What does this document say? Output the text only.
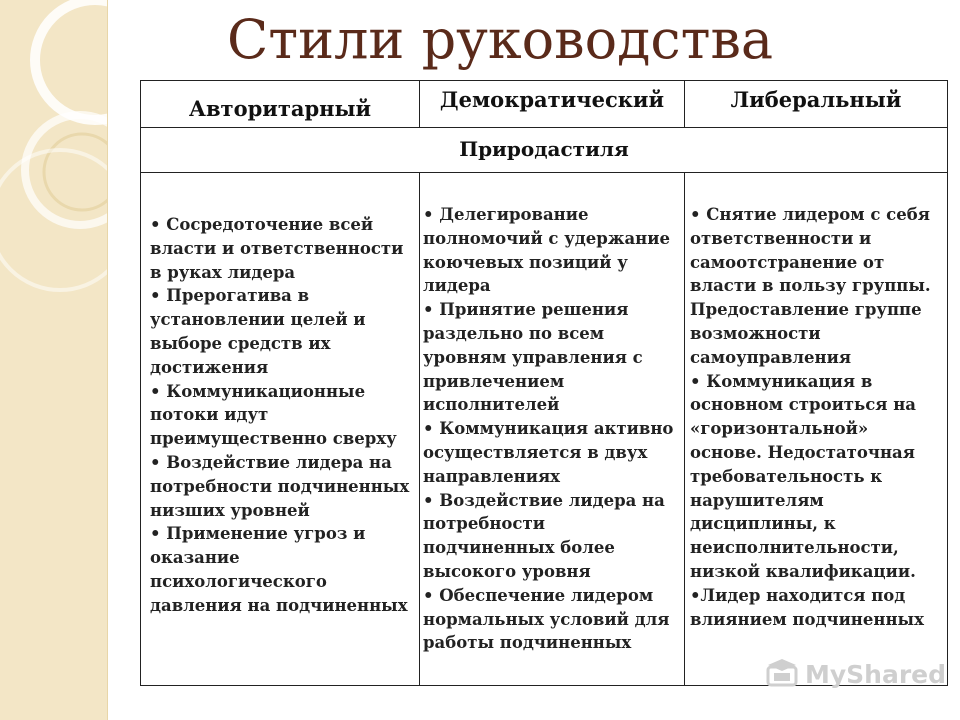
Стили руководства
Авторитарный	Демократический	Либеральный
Природастиля

• Сосредоточение всей власти и ответственности в руках лидера

• Прерогатива в установлении целей и выборе средств их достижения

• Коммуникационные потоки идут преимущественно сверху

• Воздействие лидера на потребности подчиненных низших уровней

• Применение угроз и оказание психологического давления на подчиненных

• Делегирование полномочий с удержание коючевых позиций у лидера

• Принятие решения раздельно по всем уровням управления с привлечением исполнителей

• Коммуникация активно осуществляется в двух направлениях

• Воздействие лидера на потребности подчиненных более высокого уровня

• Обеспечение лидером нормальных условий для работы подчиненных

• Снятие лидером с себя ответственности и самоотстранение от власти в пользу группы. Предоставление группе возможности самоуправления

• Коммуникация в основном строиться на «горизонтальной» основе. Недостаточная требовательность к нарушителям дисциплины, к неисполнительности, низкой квалификации.

•Лидер находится под влиянием подчиненных

MyShared
